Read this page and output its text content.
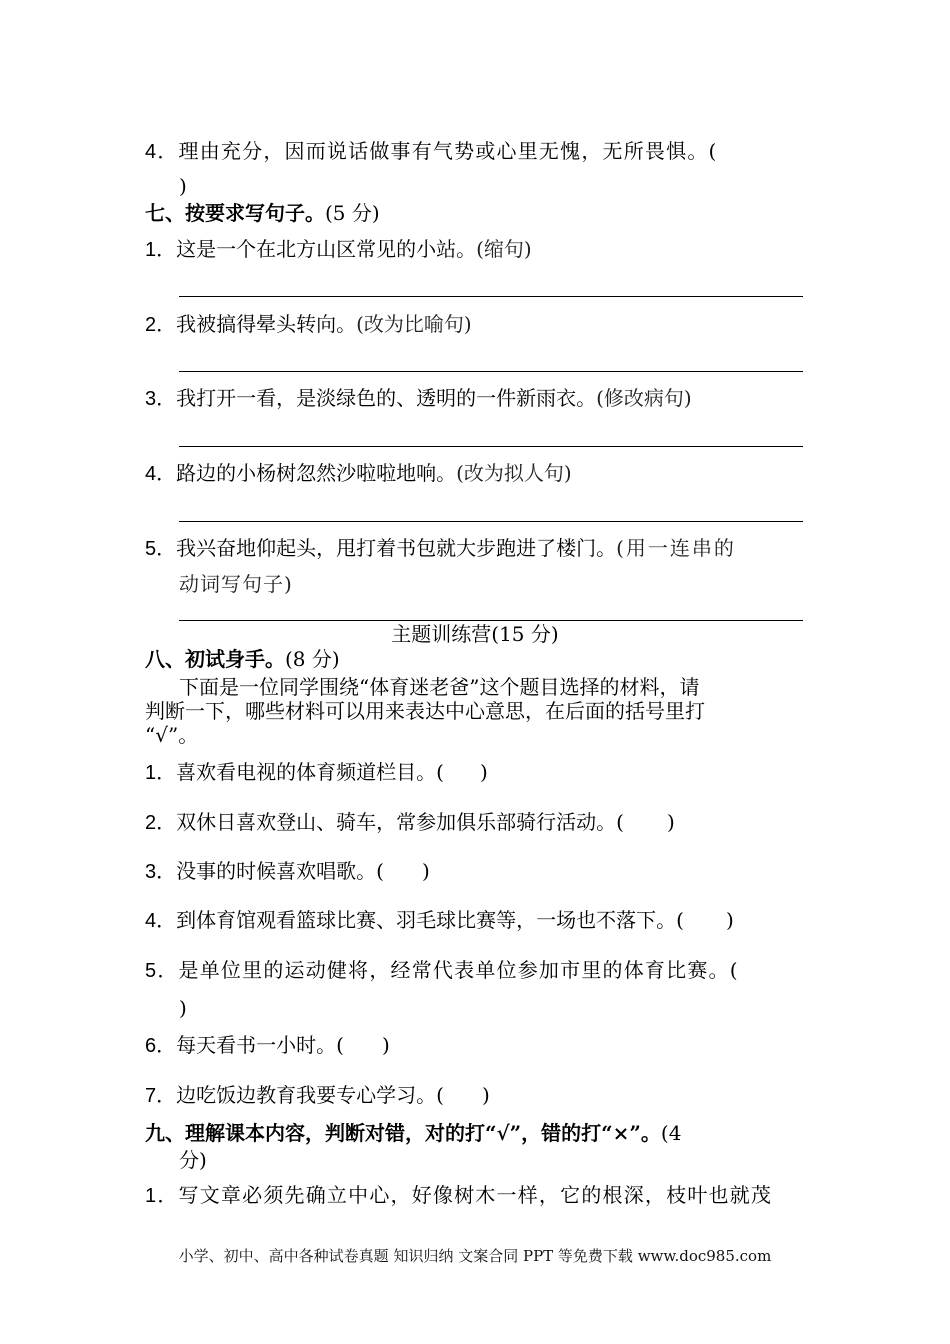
4．理由充分，因而说话做事有气势或心里无愧，无所畏惧。(
)
七、按要求写句子。(5 分)
1．这是一个在北方山区常见的小站。(缩句)
2．我被搞得晕头转向。(改为比喻句)
3．我打开一看，是淡绿色的、透明的一件新雨衣。(修改病句)
4．路边的小杨树忽然沙啦啦地响。(改为拟人句)
5．我兴奋地仰起头，甩打着书包就大步跑进了楼门。(用一连串的
动词写句子)
主题训练营(15 分)
八、初试身手。(8 分)
下面是一位同学围绕“体育迷老爸”这个题目选择的材料，请
判断一下，哪些材料可以用来表达中心意思，在后面的括号里打
“√”。
1．喜欢看电视的体育频道栏目。( )
2．双休日喜欢登山、骑车，常参加俱乐部骑行活动。( )
3．没事的时候喜欢唱歌。( )
4．到体育馆观看篮球比赛、羽毛球比赛等，一场也不落下。( )
5．是单位里的运动健将，经常代表单位参加市里的体育比赛。(
)
6．每天看书一小时。( )
7．边吃饭边教育我要专心学习。( )
九、理解课本内容，判断对错，对的打“√”，错的打“×”。(4
分)
1．写文章必须先确立中心，好像树木一样，它的根深，枝叶也就茂
小学、初中、高中各种试卷真题 知识归纳 文案合同 PPT 等免费下载 www.doc985.com
